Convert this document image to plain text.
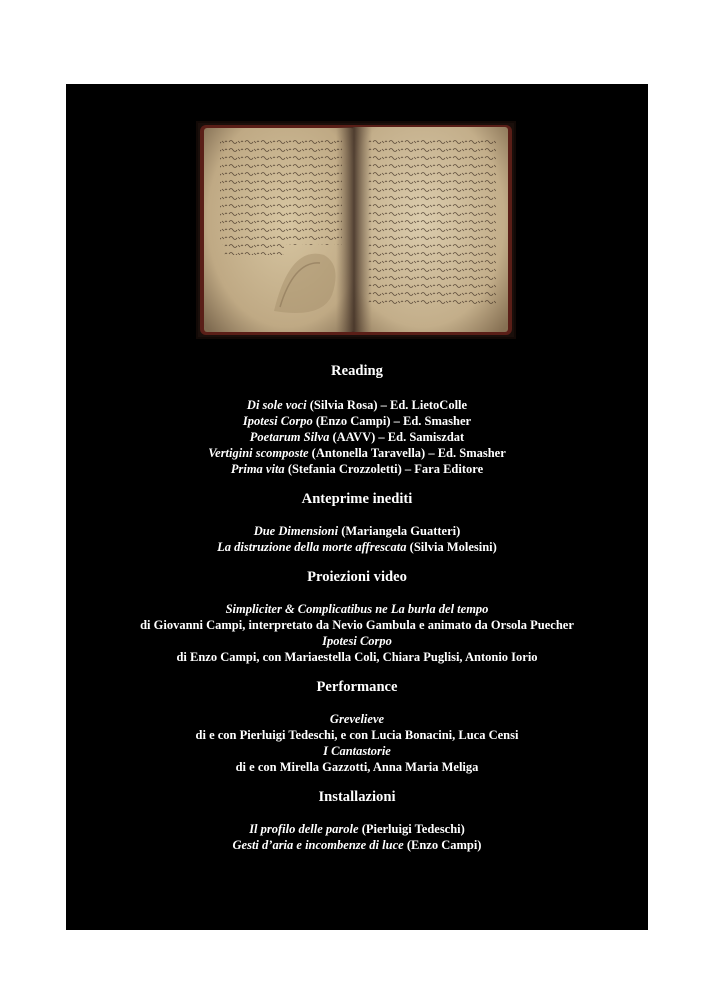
Reading
Di sole voci (Silvia Rosa) – Ed. LietoColle
Ipotesi Corpo (Enzo Campi) – Ed. Smasher
Poetarum Silva (AAVV) – Ed. Samiszdat
Vertigini scomposte (Antonella Taravella) – Ed. Smasher
Prima vita (Stefania Crozzoletti) – Fara Editore
Anteprime inediti
Due Dimensioni (Mariangela Guatteri)
La distruzione della morte affrescata (Silvia Molesini)
Proiezioni video
Simpliciter & Complicatibus ne La burla del tempo
di Giovanni Campi, interpretato da Nevio Gambula e animato da Orsola Puecher
Ipotesi Corpo
di Enzo Campi, con Mariaestella Coli, Chiara Puglisi, Antonio Iorio
Performance
Grevelieve
di e con Pierluigi Tedeschi, e con Lucia Bonacini, Luca Censi
I Cantastorie
di e con Mirella Gazzotti, Anna Maria Meliga
Installazioni
Il profilo delle parole (Pierluigi Tedeschi)
Gesti d’aria e incombenze di luce (Enzo Campi)
